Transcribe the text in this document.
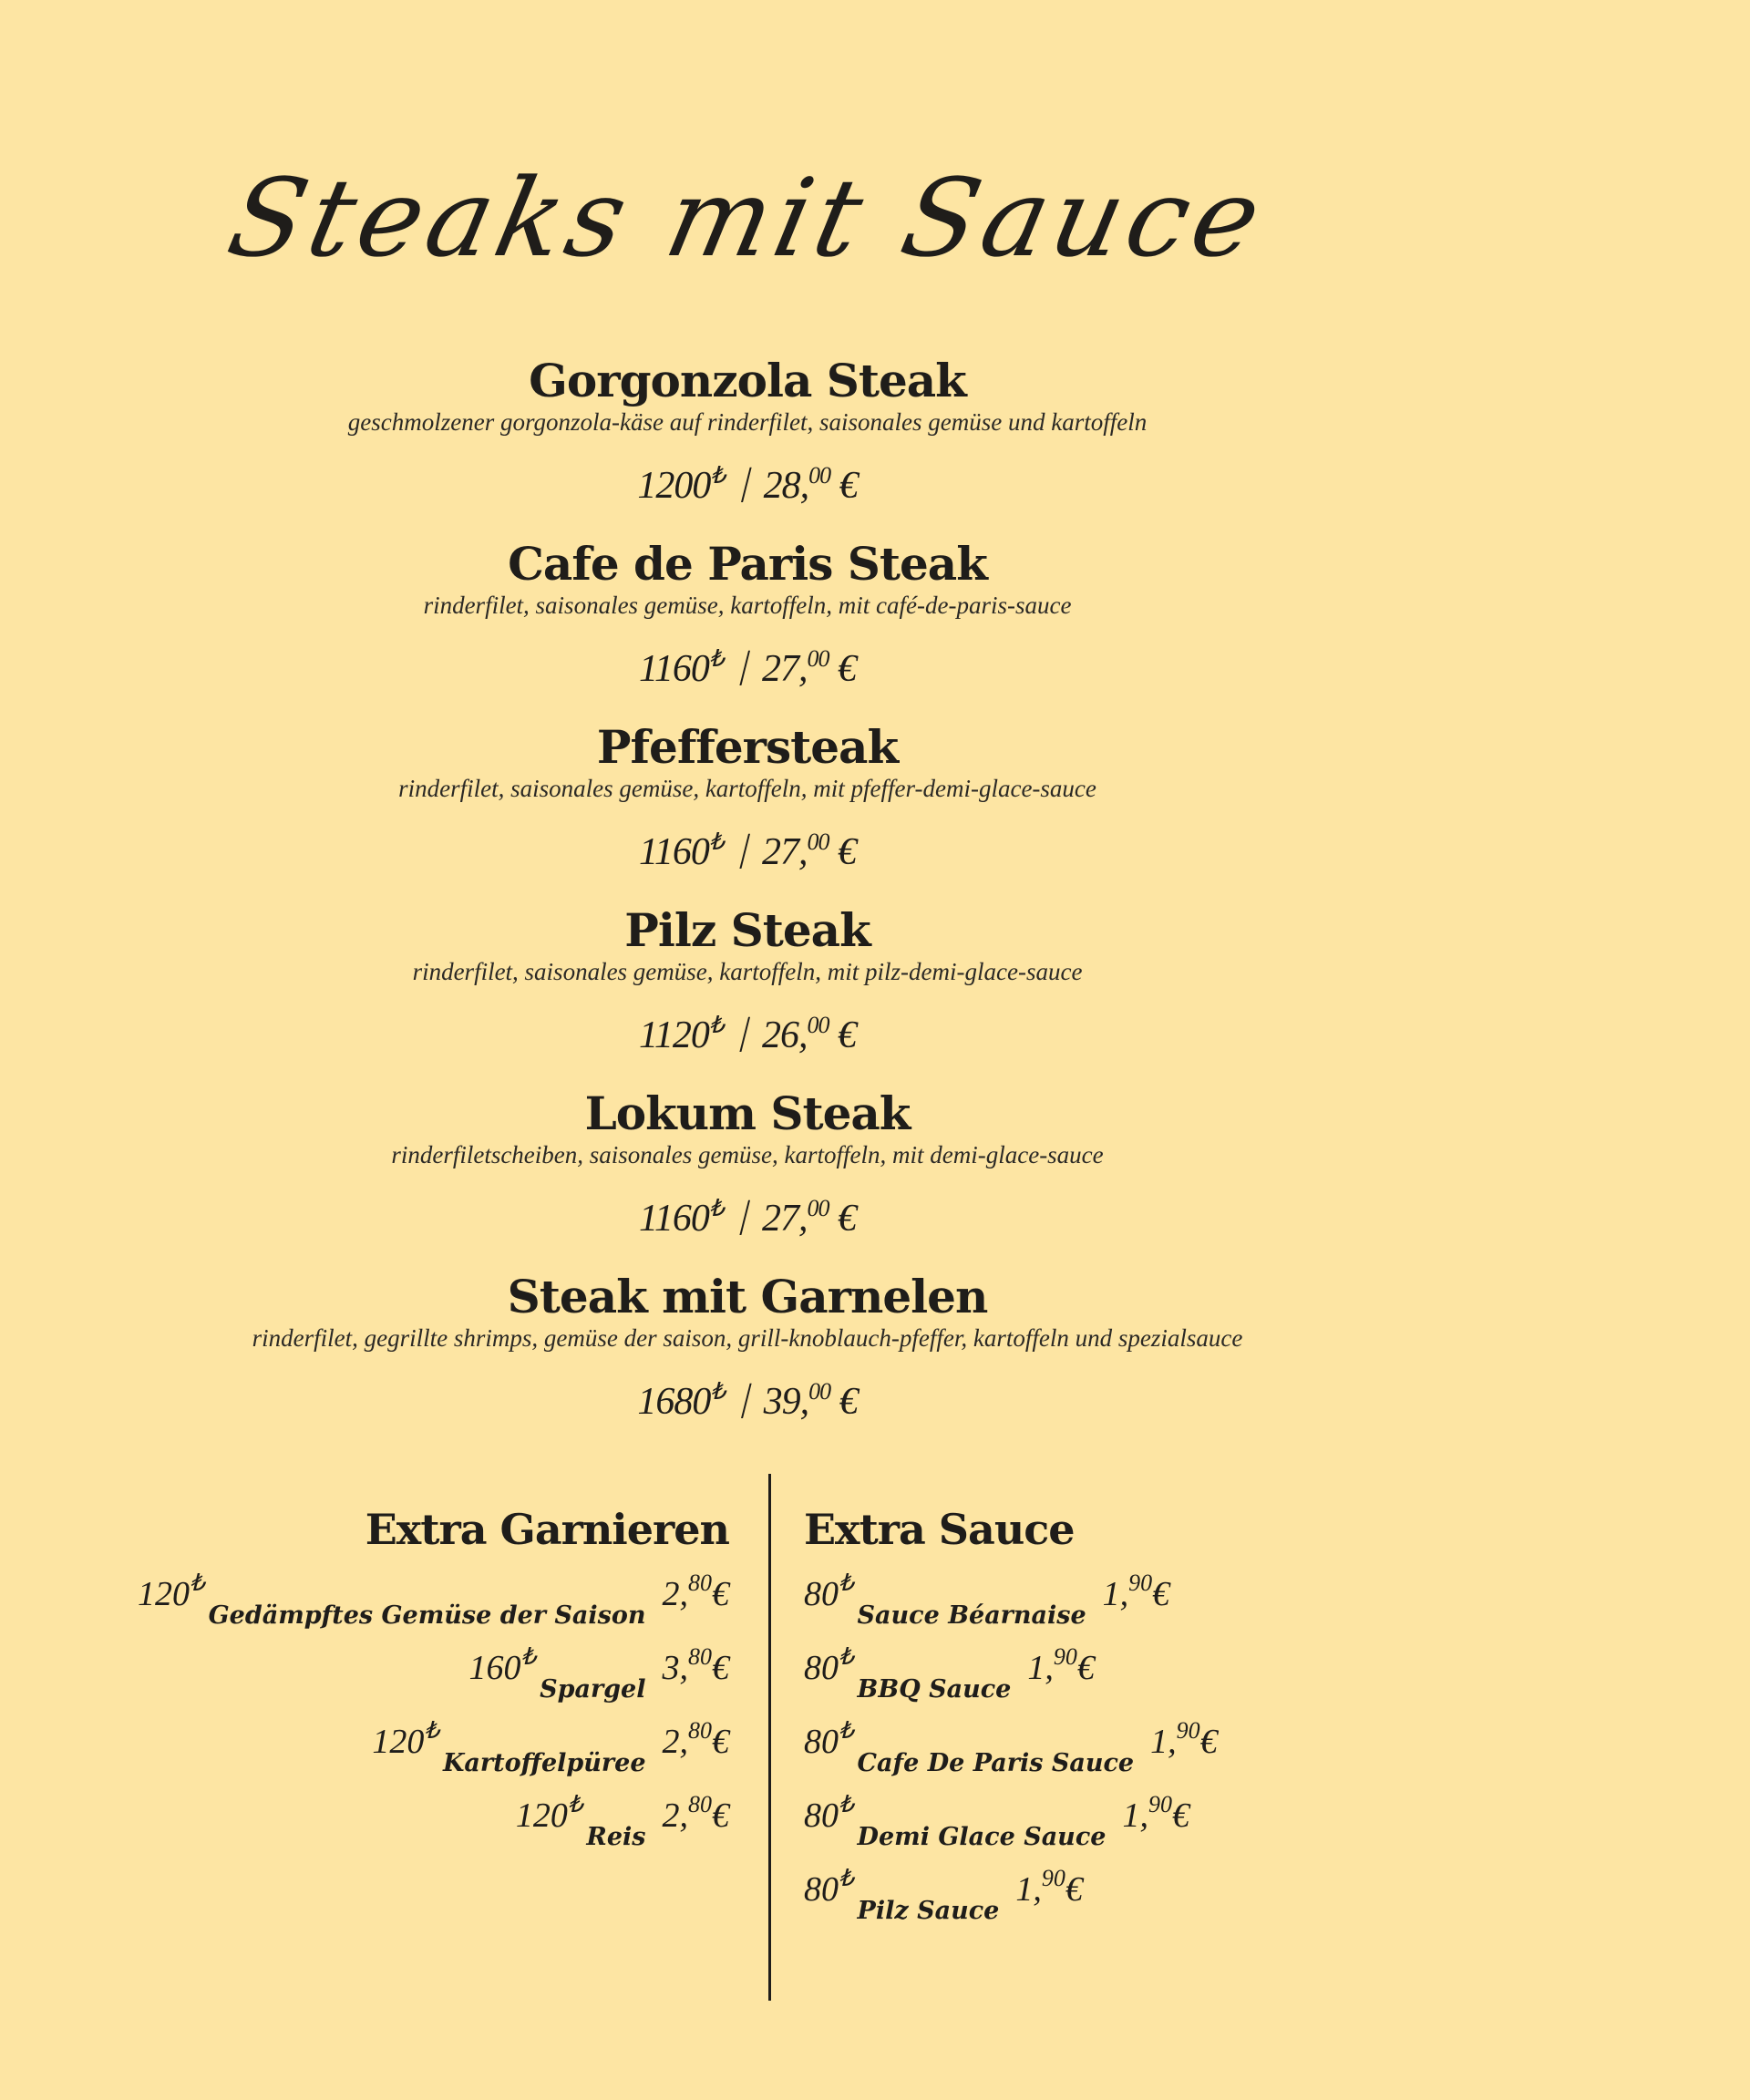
Steaks mit Sauce
Gorgonzola Steak
geschmolzener gorgonzola-käse auf rinderfilet, saisonales gemüse und kartoffeln
1200₺ / 28,00 €
Cafe de Paris Steak
rinderfilet, saisonales gemüse, kartoffeln, mit café-de-paris-sauce
1160₺ / 27,00 €
Pfeffersteak
rinderfilet, saisonales gemüse, kartoffeln, mit pfeffer-demi-glace-sauce
1160₺ / 27,00 €
Pilz Steak
rinderfilet, saisonales gemüse, kartoffeln, mit pilz-demi-glace-sauce
1120₺ / 26,00 €
Lokum Steak
rinderfiletscheiben, saisonales gemüse, kartoffeln, mit demi-glace-sauce
1160₺ / 27,00 €
Steak mit Garnelen
rinderfilet, gegrillte shrimps, gemüse der saison, grill-knoblauch-pfeffer, kartoffeln und spezialsauce
1680₺ / 39,00 €
Extra Garnieren
120₺Gedämpftes Gemüse der Saison2,80€
160₺Spargel3,80€
120₺Kartoffelpüree2,80€
120₺Reis2,80€
Extra Sauce
80₺Sauce Béarnaise1,90€
80₺BBQ Sauce1,90€
80₺Cafe De Paris Sauce1,90€
80₺Demi Glace Sauce1,90€
80₺Pilz Sauce1,90€
